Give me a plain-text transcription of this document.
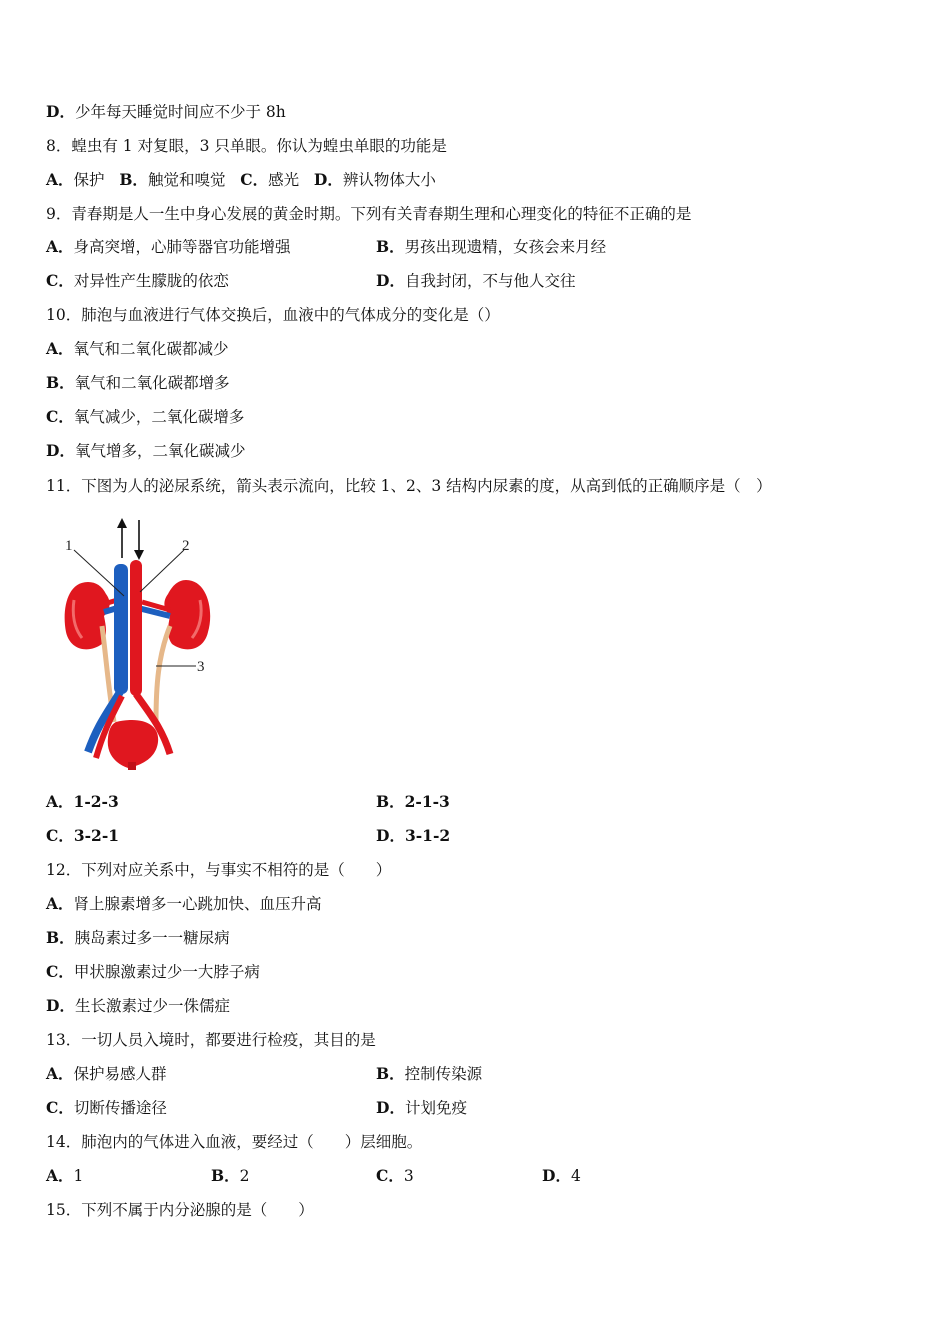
D．少年每天睡觉时间应不少于 8h
8．蝗虫有 1 对复眼，3 只单眼。你认为蝗虫单眼的功能是
A．保护 B．触觉和嗅觉 C．感光 D．辨认物体大小
9．青春期是人一生中身心发展的黄金时期。下列有关青春期生理和心理变化的特征不正确的是
A．身高突增，心肺等器官功能增强	B．男孩出现遗精，女孩会来月经
C．对异性产生朦胧的依恋	D．自我封闭，不与他人交往
10．肺泡与血液进行气体交换后，血液中的气体成分的变化是（）
A．氧气和二氧化碳都减少
B．氧气和二氧化碳都增多
C．氧气减少，二氧化碳增多
D．氧气增多，二氧化碳减少
11．下图为人的泌尿系统，箭头表示流向，比较 1、2、3 结构内尿素的度，从高到低的正确顺序是（　）
1	2
3
A．1-2-3	B．2-1-3
C．3-2-1	D．3-1-2
12．下列对应关系中，与事实不相符的是（　　）
A．肾上腺素增多一心跳加快、血压升高
B．胰岛素过多一一糖尿病
C．甲状腺激素过少一大脖子病
D．生长激素过少一侏儒症
13．一切人员入境时，都要进行检疫，其目的是
A．保护易感人群	B．控制传染源
C．切断传播途径	D．计划免疫
14．肺泡内的气体进入血液，要经过（　　）层细胞。
A．1	B．2	C．3	D．4
15．下列不属于内分泌腺的是（　　）
